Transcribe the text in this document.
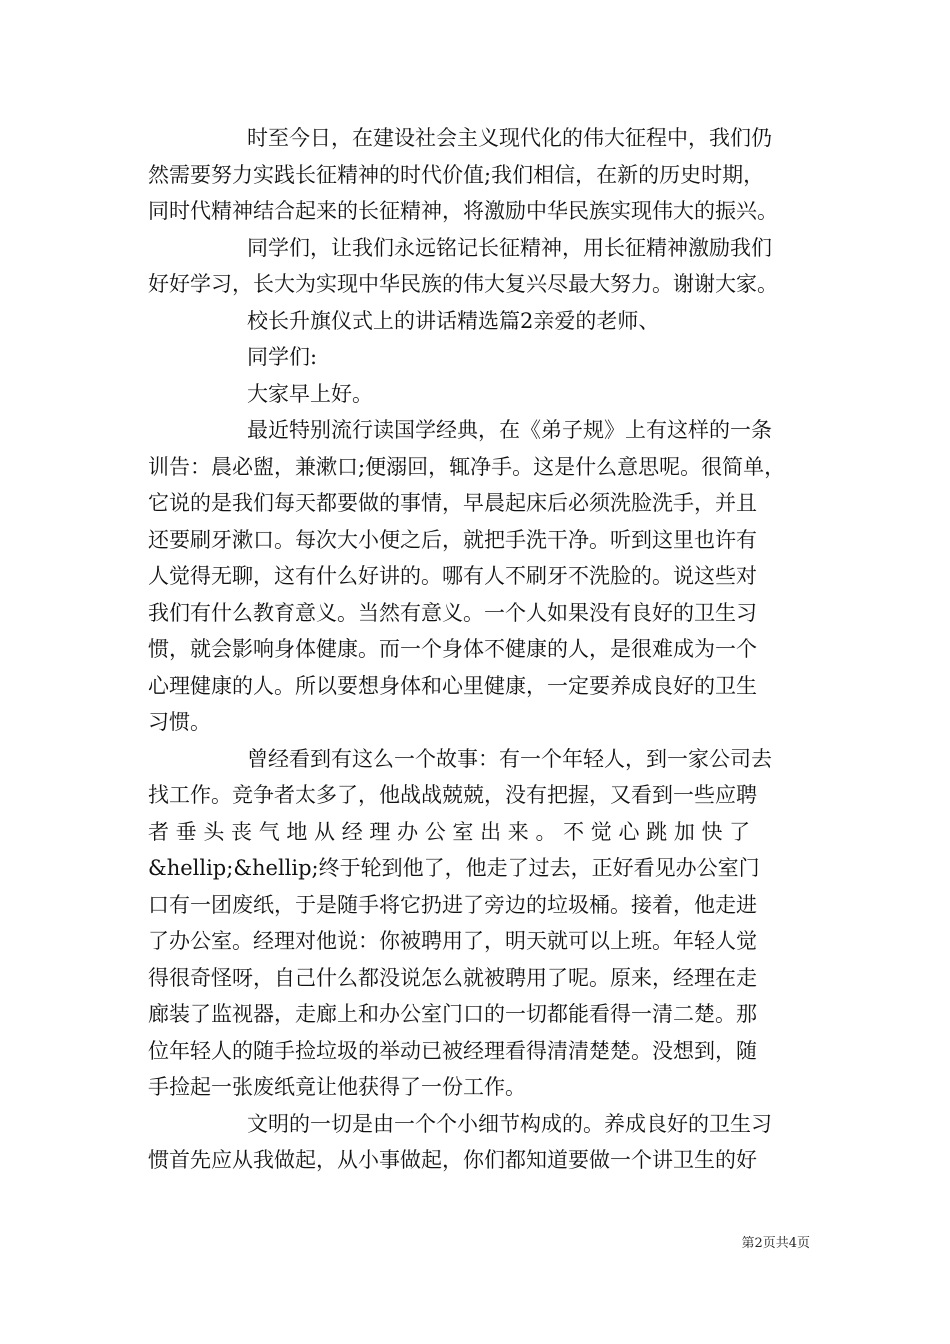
时至今日，在建设社会主义现代化的伟大征程中，我们仍
然需要努力实践长征精神的时代价值;我们相信，在新的历史时期，
同时代精神结合起来的长征精神，将激励中华民族实现伟大的振兴。
同学们，让我们永远铭记长征精神，用长征精神激励我们
好好学习，长大为实现中华民族的伟大复兴尽最大努力。谢谢大家。
校长升旗仪式上的讲话精选篇2亲爱的老师、
同学们:
大家早上好。
最近特别流行读国学经典，在《弟子规》上有这样的一条
训告：晨必盥，兼漱口;便溺回，辄净手。这是什么意思呢。很简单，
它说的是我们每天都要做的事情，早晨起床后必须洗脸洗手，并且
还要刷牙漱口。每次大小便之后，就把手洗干净。听到这里也许有
人觉得无聊，这有什么好讲的。哪有人不刷牙不洗脸的。说这些对
我们有什么教育意义。当然有意义。一个人如果没有良好的卫生习
惯，就会影响身体健康。而一个身体不健康的人，是很难成为一个
心理健康的人。所以要想身体和心里健康，一定要养成良好的卫生
习惯。
曾经看到有这么一个故事：有一个年轻人，到一家公司去
找工作。竞争者太多了，他战战兢兢，没有把握，又看到一些应聘
者 垂 头 丧 气 地 从 经 理 办 公 室 出 来 。 不 觉 心 跳 加 快 了
&hellip;&hellip;终于轮到他了，他走了过去，正好看见办公室门
口有一团废纸，于是随手将它扔进了旁边的垃圾桶。接着，他走进
了办公室。经理对他说：你被聘用了，明天就可以上班。年轻人觉
得很奇怪呀，自己什么都没说怎么就被聘用了呢。原来，经理在走
廊装了监视器，走廊上和办公室门口的一切都能看得一清二楚。那
位年轻人的随手捡垃圾的举动已被经理看得清清楚楚。没想到，随
手捡起一张废纸竟让他获得了一份工作。
文明的一切是由一个个小细节构成的。养成良好的卫生习
惯首先应从我做起，从小事做起，你们都知道要做一个讲卫生的好
第2页共4页
